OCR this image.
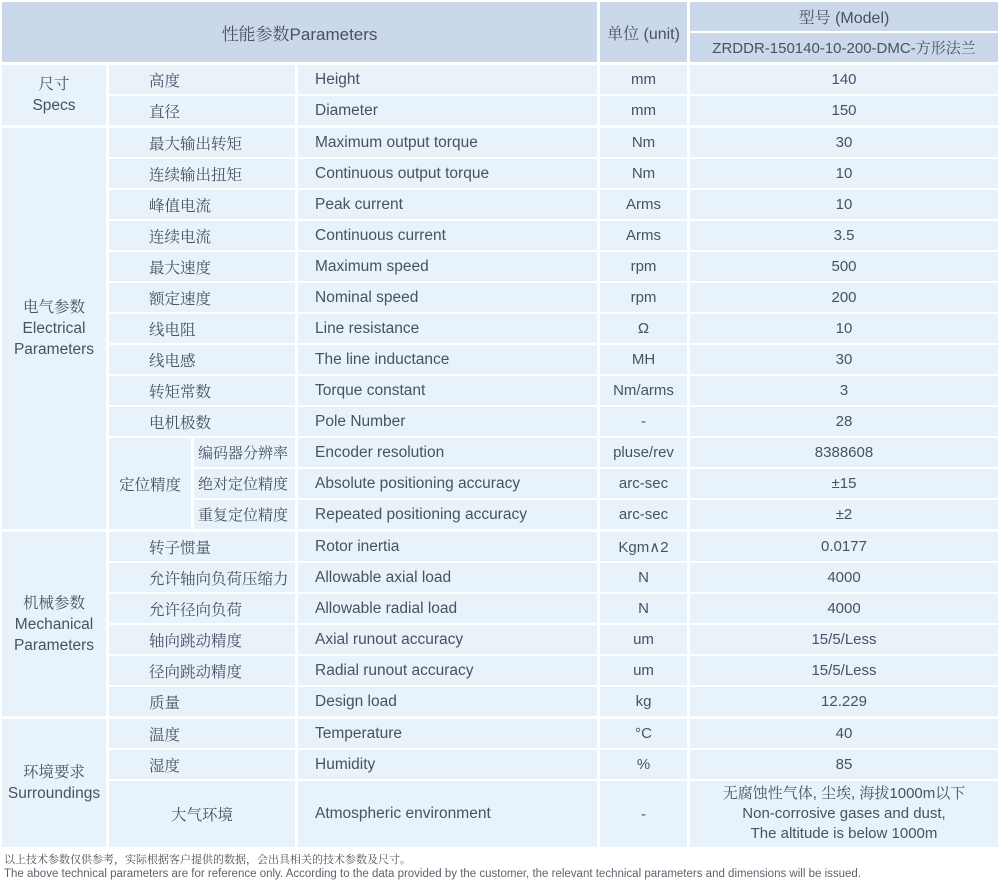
性能参数Parameters	单位 (unit)
型号 (Model)
ZRDDR-150140-10-200-DMC-方形法兰
尺寸
Specs
高度	Height	mm	140
直径	Diameter	mm	150
电气参数
Electrical
Parameters
最大输出转矩	Maximum output torque	Nm	30
连续输出扭矩	Continuous output torque	Nm	10
峰值电流	Peak current	Arms	10
连续电流	Continuous current	Arms	3.5
最大速度	Maximum speed	rpm	500
额定速度	Nominal speed	rpm	200
线电阻	Line resistance	Ω	10
线电感	The line inductance	MH	30
转矩常数	Torque constant	Nm/arms	3
电机极数	Pole Number	-	28
定位精度
编码器分辨率	Encoder resolution	pluse/rev	8388608
绝对定位精度	Absolute positioning accuracy	arc-sec	±15
重复定位精度	Repeated positioning accuracy	arc-sec	±2
机械参数
Mechanical
Parameters
转子惯量	Rotor inertia	Kgm∧2	0.0177
允许轴向负荷压缩力	Allowable axial load	N	4000
允许径向负荷	Allowable radial load	N	4000
轴向跳动精度	Axial runout accuracy	um	15/5/Less
径向跳动精度	Radial runout accuracy	um	15/5/Less
质量	Design load	kg	12.229
环境要求
Surroundings
温度	Temperature	°C	40
湿度	Humidity	%	85
大气环境	Atmospheric environment	-
无腐蚀性气体, 尘埃, 海拔1000m以下
Non-corrosive gases and dust,
The altitude is below 1000m
以上技术参数仅供参考，实际根据客户提供的数据，会出具相关的技术参数及尺寸。
The above technical parameters are for reference only. According to the data provided by the customer, the relevant technical parameters and dimensions will be issued.
